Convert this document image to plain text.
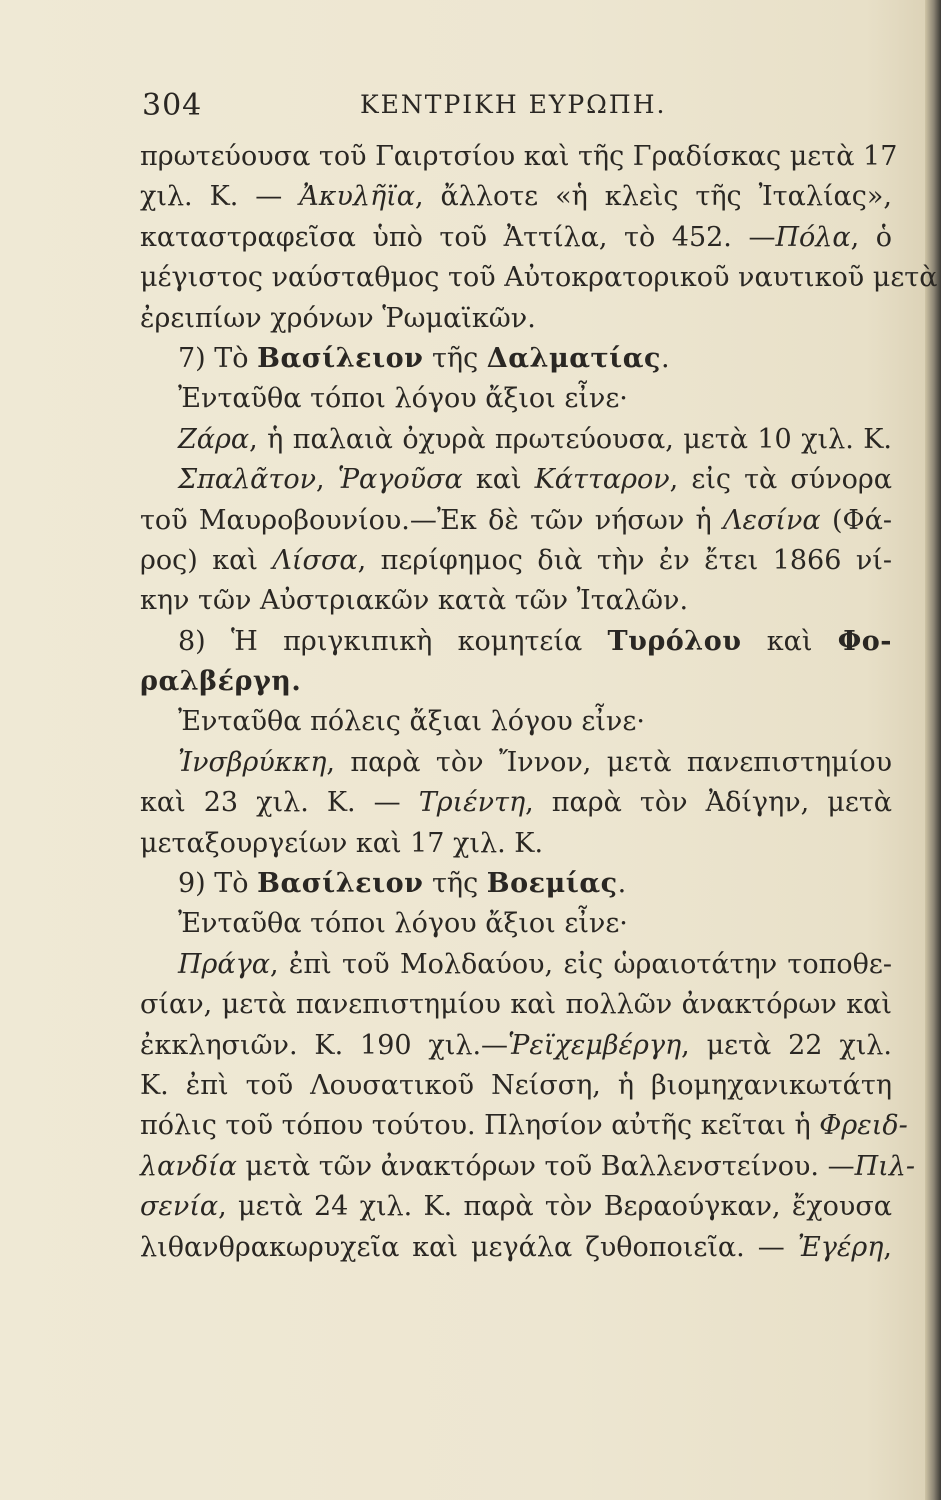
304	ΚΕΝΤΡΙΚΗ ΕΥΡΩΠΗ.
πρωτεύουσα τοῦ Γαιρτσίου καὶ τῆς Γραδίσκας μετὰ 17
χιλ. Κ. — Ἀκυλῆϊα, ἄλλοτε «ἡ κλεὶς τῆς Ἰταλίας»,
καταστραφεῖσα ὑπὸ τοῦ Ἀττίλα, τὸ 452. —Πόλα, ὁ
μέγιστος ναύσταθμος τοῦ Αὐτοκρατορικοῦ ναυτικοῦ μετὰ
ἐρειπίων χρόνων Ῥωμαϊκῶν.
7) Τὸ Βασίλειον τῆς Δαλματίας.
Ἐνταῦθα τόποι λόγου ἄξιοι εἶνε·
Ζάρα, ἡ παλαιὰ ὀχυρὰ πρωτεύουσα, μετὰ 10 χιλ. Κ.
Σπαλᾶτον, Ῥαγοῦσα καὶ Κάτταρον, εἰς τὰ σύνορα
τοῦ Μαυροβουνίου.—Ἐκ δὲ τῶν νήσων ἡ Λεσίνα (Φά-
ρος) καὶ Λίσσα, περίφημος διὰ τὴν ἐν ἔτει 1866 νί-
κην τῶν Αὐστριακῶν κατὰ τῶν Ἰταλῶν.
8) Ἡ πριγκιπικὴ κομητεία Τυρόλου καὶ Φο-
ραλβέργη.
Ἐνταῦθα πόλεις ἄξιαι λόγου εἶνε·
Ἰνσβρύκκη, παρὰ τὸν Ἴννον, μετὰ πανεπιστημίου
καὶ 23 χιλ. Κ. — Τριέντη, παρὰ τὸν Ἀδίγην, μετὰ
μεταξουργείων καὶ 17 χιλ. Κ.
9) Τὸ Βασίλειον τῆς Βοεμίας.
Ἐνταῦθα τόποι λόγου ἄξιοι εἶνε·
Πράγα, ἐπὶ τοῦ Μολδαύου, εἰς ὡραιοτάτην τοποθε-
σίαν, μετὰ πανεπιστημίου καὶ πολλῶν ἀνακτόρων καὶ
ἐκκλησιῶν. Κ. 190 χιλ.—Ῥεϊχεμβέργη, μετὰ 22 χιλ.
Κ. ἐπὶ τοῦ Λουσατικοῦ Νείσση, ἡ βιομηχανικωτάτη
πόλις τοῦ τόπου τούτου. Πλησίον αὐτῆς κεῖται ἡ Φρειδ-
λανδία μετὰ τῶν ἀνακτόρων τοῦ Βαλλενστείνου. —Πιλ-
σενία, μετὰ 24 χιλ. Κ. παρὰ τὸν Βεραούγκαν, ἔχουσα
λιθανθρακωρυχεῖα καὶ μεγάλα ζυθοποιεῖα. — Ἐγέρη,
